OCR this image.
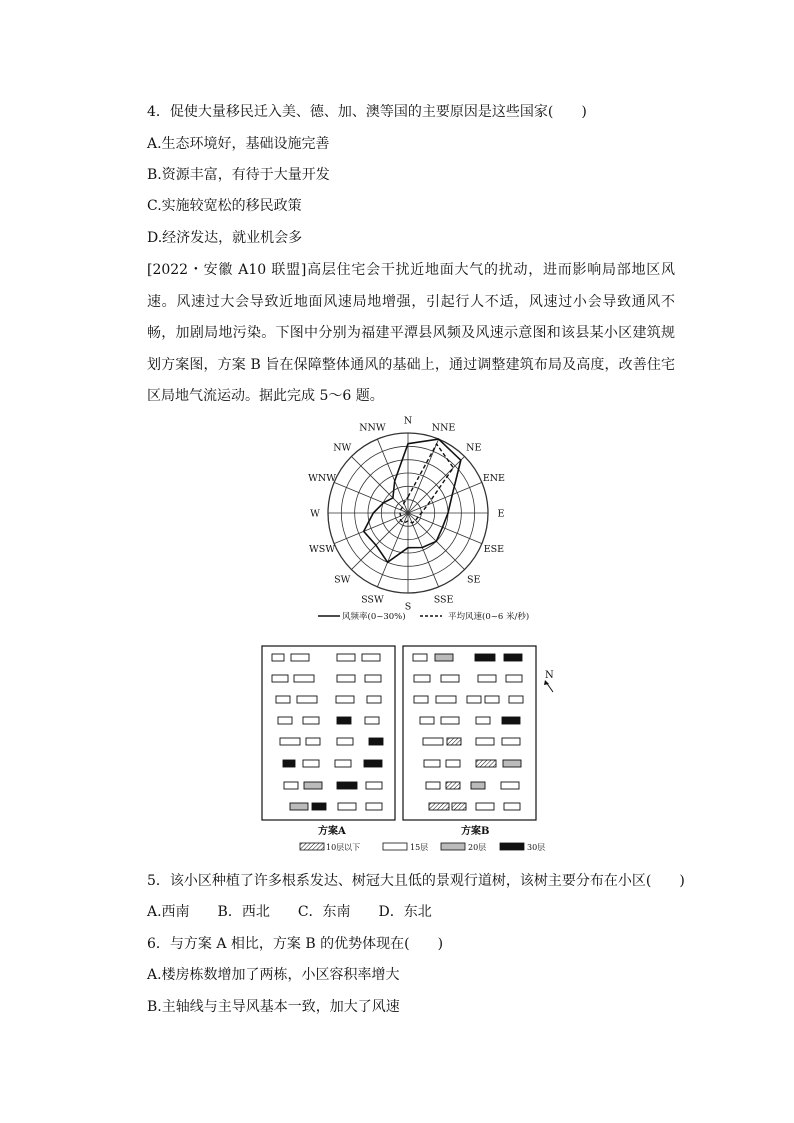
4．促使大量移民迁入美、德、加、澳等国的主要原因是这些国家(　　)
A.生态环境好，基础设施完善
B.资源丰富，有待于大量开发
C.实施较宽松的移民政策
D.经济发达，就业机会多
[2022・安徽 A10 联盟]高层住宅会干扰近地面大气的扰动，进而影响局部地区风速。风速过大会导致近地面风速局地增强，引起行人不适，风速过小会导致通风不畅，加剧局地污染。下图中分别为福建平潭县风频及风速示意图和该县某小区建筑规划方案图，方案 B 旨在保障整体通风的基础上，通过调整建筑布局及高度，改善住宅区局地气流运动。据此完成 5～6 题。
N
NNE
NE
ENE
E
ESE
SE
SSE
S
SSW
SW
WSW
W
WNW
NW
NNW
风频率(0~30%)	平均风速(0~6 米/秒)
N
方案A	方案B
10层以下	15层	20层	30层
5．该小区种植了许多根系发达、树冠大且低的景观行道树，该树主要分布在小区(　　)
A.西南　　B．西北　　C．东南　　D．东北
6．与方案 A 相比，方案 B 的优势体现在(　　)
A.楼房栋数增加了两栋，小区容积率增大
B.主轴线与主导风基本一致，加大了风速
